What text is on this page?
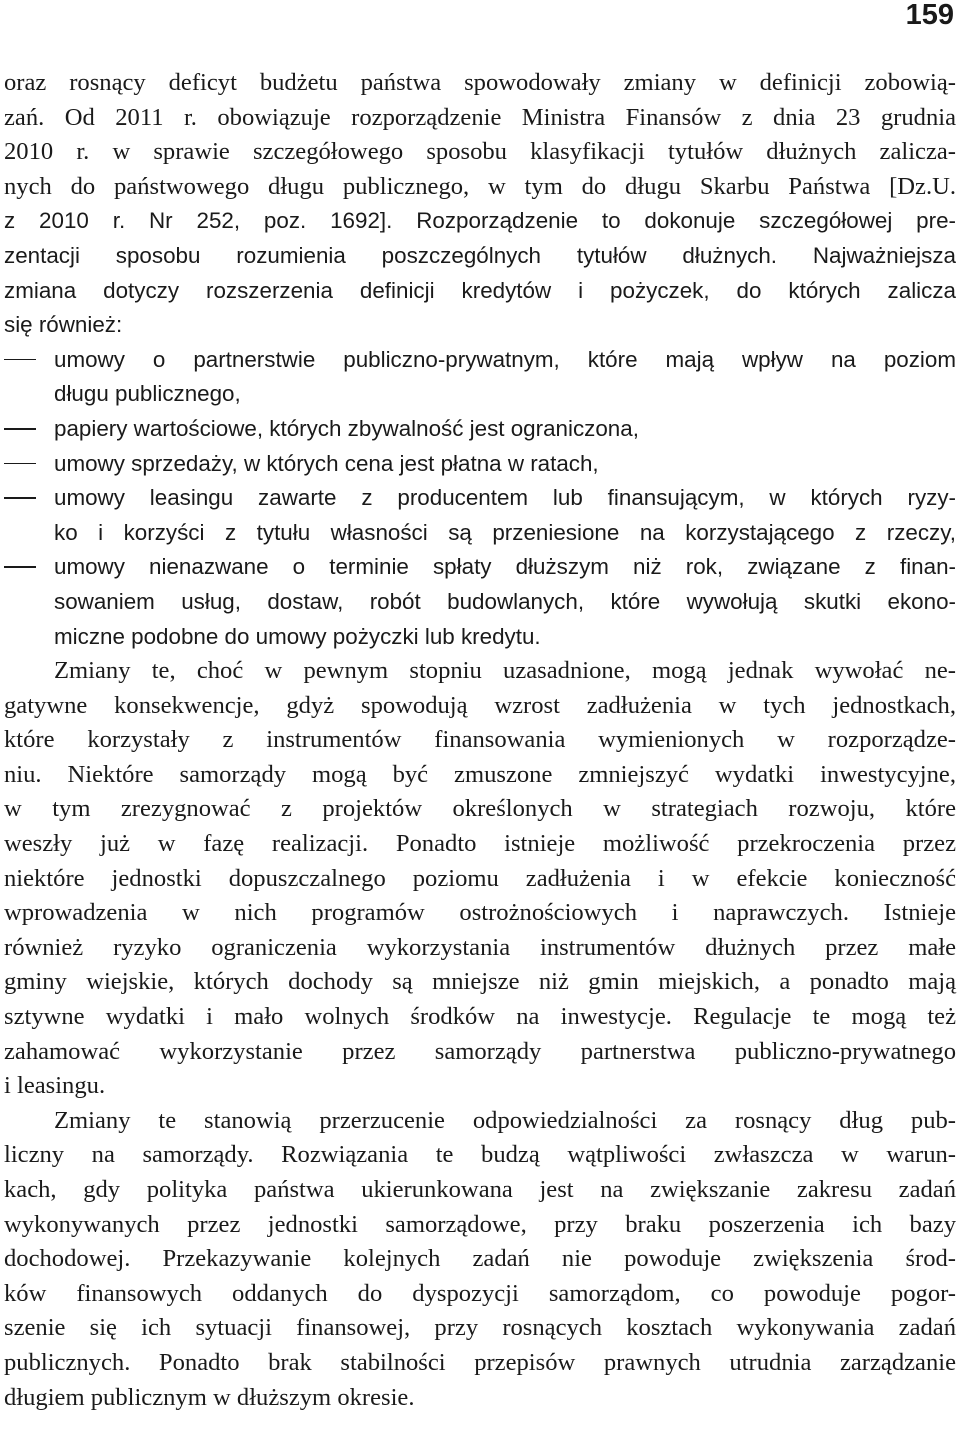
159
oraz rosnący deficyt budżetu państwa spowodowały zmiany w definicji zobowią-
zań. Od 2011 r. obowiązuje rozporządzenie Ministra Finansów z dnia 23 grudnia
2010 r. w sprawie szczegółowego sposobu klasyfikacji tytułów dłużnych zalicza-
nych do państwowego długu publicznego, w tym do długu Skarbu Państwa [Dz.U.
z 2010 r. Nr 252, poz. 1692]. Rozporządzenie to dokonuje szczegółowej pre-
zentacji sposobu rozumienia poszczególnych tytułów dłużnych. Najważniejsza
zmiana dotyczy rozszerzenia definicji kredytów i pożyczek, do których zalicza
się również:
umowy o partnerstwie publiczno-prywatnym, które mają wpływ na poziom
długu publicznego,
papiery wartościowe, których zbywalność jest ograniczona,
umowy sprzedaży, w których cena jest płatna w ratach,
umowy leasingu zawarte z producentem lub finansującym, w których ryzy-
ko i korzyści z tytułu własności są przeniesione na korzystającego z rzeczy,
umowy nienazwane o terminie spłaty dłuższym niż rok, związane z finan-
sowaniem usług, dostaw, robót budowlanych, które wywołują skutki ekono-
miczne podobne do umowy pożyczki lub kredytu.
Zmiany te, choć w pewnym stopniu uzasadnione, mogą jednak wywołać ne-
gatywne konsekwencje, gdyż spowodują wzrost zadłużenia w tych jednostkach,
które korzystały z instrumentów finansowania wymienionych w rozporządze-
niu. Niektóre samorządy mogą być zmuszone zmniejszyć wydatki inwestycyjne,
w tym zrezygnować z projektów określonych w strategiach rozwoju, które
weszły już w fazę realizacji. Ponadto istnieje możliwość przekroczenia przez
niektóre jednostki dopuszczalnego poziomu zadłużenia i w efekcie konieczność
wprowadzenia w nich programów ostrożnościowych i naprawczych. Istnieje
również ryzyko ograniczenia wykorzystania instrumentów dłużnych przez małe
gminy wiejskie, których dochody są mniejsze niż gmin miejskich, a ponadto mają
sztywne wydatki i mało wolnych środków na inwestycje. Regulacje te mogą też
zahamować wykorzystanie przez samorządy partnerstwa publiczno-prywatnego
i leasingu.
Zmiany te stanowią przerzucenie odpowiedzialności za rosnący dług pub-
liczny na samorządy. Rozwiązania te budzą wątpliwości zwłaszcza w warun-
kach, gdy polityka państwa ukierunkowana jest na zwiększanie zakresu zadań
wykonywanych przez jednostki samorządowe, przy braku poszerzenia ich bazy
dochodowej. Przekazywanie kolejnych zadań nie powoduje zwiększenia środ-
ków finansowych oddanych do dyspozycji samorządom, co powoduje pogor-
szenie się ich sytuacji finansowej, przy rosnących kosztach wykonywania zadań
publicznych. Ponadto brak stabilności przepisów prawnych utrudnia zarządzanie
długiem publicznym w dłuższym okresie.
